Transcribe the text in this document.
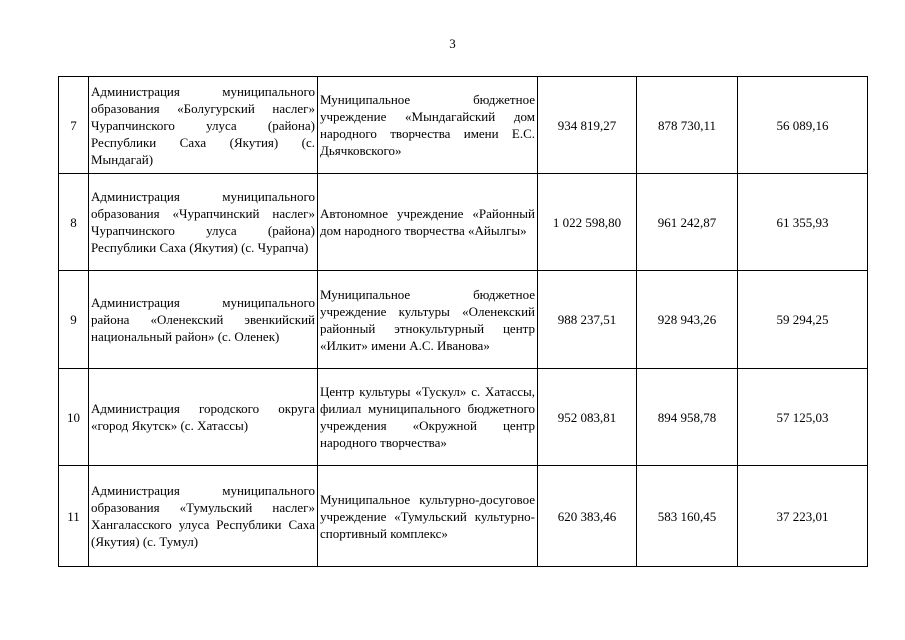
3
7	Администрация муниципального образования «Болугурский наслег» Чурапчинского улуса (района) Республики Саха (Якутия) (с. Мындагай)	Муниципальное бюджетное учреждение «Мындагайский дом народного творчества имени Е.С. Дьячковского»	934 819,27	878 730,11	56 089,16
8	Администрация муниципального образования «Чурапчинский наслег» Чурапчинского улуса (района) Республики Саха (Якутия) (с. Чурапча)	Автономное учреждение «Районный дом народного творчества «Айылгы»	1 022 598,80	961 242,87	61 355,93
9	Администрация муниципального района «Оленекский эвенкийский национальный район» (с. Оленек)	Муниципальное бюджетное учреждение культуры «Оленекский районный этнокультурный центр «Илкит» имени А.С. Иванова»	988 237,51	928 943,26	59 294,25
10	Администрация городского округа «город Якутск» (с. Хатассы)	Центр культуры «Тускул» с. Хатассы, филиал муниципального бюджетного учреждения «Окружной центр народного творчества»	952 083,81	894 958,78	57 125,03
11	Администрация муниципального образования «Тумульский наслег» Хангаласского улуса Республики Саха (Якутия) (с. Тумул)	Муниципальное культурно-досуговое учреждение «Тумульский культурно-спортивный комплекс»	620 383,46	583 160,45	37 223,01
